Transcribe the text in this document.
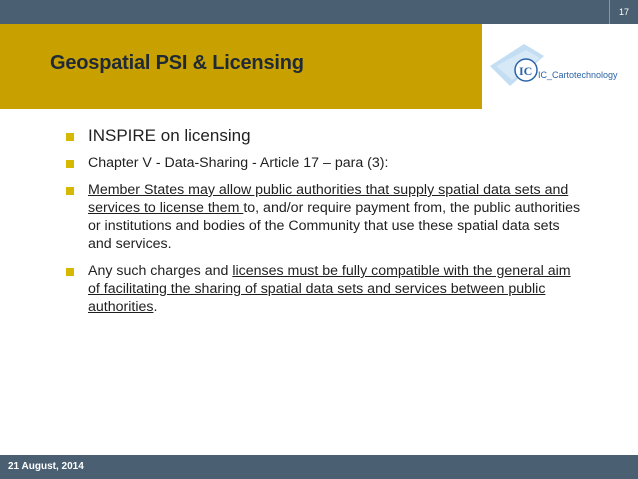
17
Geospatial PSI & Licensing	IC IC_Cartotechnology
INSPIRE on licensing
Chapter V - Data-Sharing - Article 17 – para (3):
Member States may allow public authorities that supply spatial data sets and services to license them to, and/or require payment from, the public authorities or institutions and bodies of the Community that use these spatial data sets and services.
Any such charges and licenses must be fully compatible with the general aim of facilitating the sharing of spatial data sets and services between public authorities.
21 August, 2014
